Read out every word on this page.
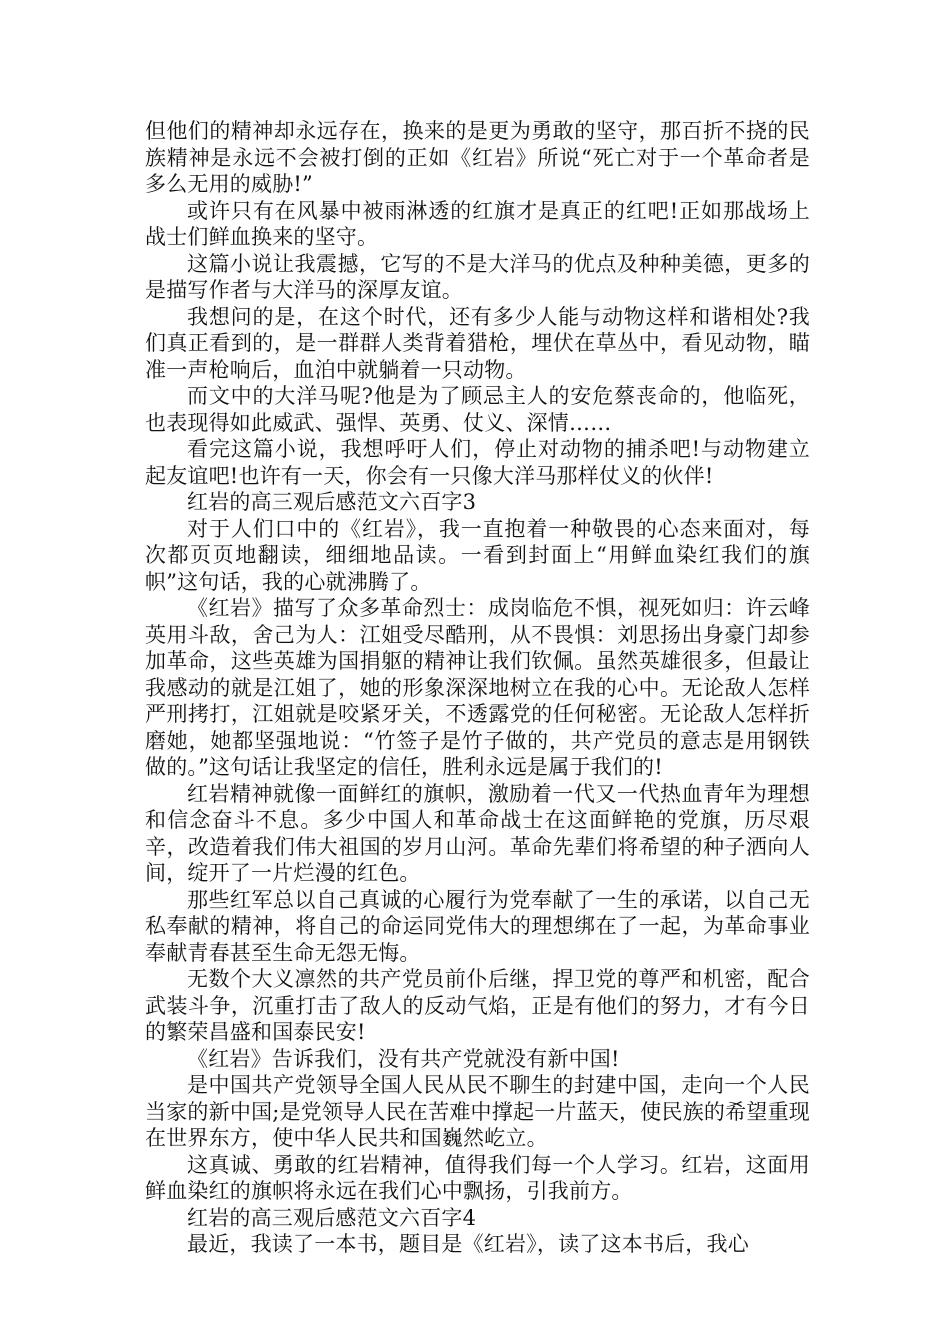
但他们的精神却永远存在，换来的是更为勇敢的坚守，那百折不挠的民族精神是永远不会被打倒的正如《红岩》所说“死亡对于一个革命者是多么无用的威胁!”

或许只有在风暴中被雨淋透的红旗才是真正的红吧!正如那战场上战士们鲜血换来的坚守。

这篇小说让我震撼，它写的不是大洋马的优点及种种美德，更多的是描写作者与大洋马的深厚友谊。

我想问的是，在这个时代，还有多少人能与动物这样和谐相处?我们真正看到的，是一群群人类背着猎枪，埋伏在草丛中，看见动物，瞄准一声枪响后，血泊中就躺着一只动物。

而文中的大洋马呢?他是为了顾忌主人的安危蔡丧命的，他临死，也表现得如此威武、强悍、英勇、仗义、深情……

看完这篇小说，我想呼吁人们，停止对动物的捕杀吧!与动物建立起友谊吧!也许有一天，你会有一只像大洋马那样仗义的伙伴!

红岩的高三观后感范文六百字3

对于人们口中的《红岩》，我一直抱着一种敬畏的心态来面对，每次都页页地翻读，细细地品读。一看到封面上“用鲜血染红我们的旗帜”这句话，我的心就沸腾了。

《红岩》描写了众多革命烈士：成岗临危不惧，视死如归：许云峰英用斗敌，舍己为人：江姐受尽酷刑，从不畏惧：刘思扬出身豪门却参加革命，这些英雄为国捐躯的精神让我们钦佩。虽然英雄很多，但最让我感动的就是江姐了，她的形象深深地树立在我的心中。无论敌人怎样严刑拷打，江姐就是咬紧牙关，不透露党的任何秘密。无论敌人怎样折磨她，她都坚强地说：“竹签子是竹子做的，共产党员的意志是用钢铁做的。”这句话让我坚定的信任，胜利永远是属于我们的!

红岩精神就像一面鲜红的旗帜，激励着一代又一代热血青年为理想和信念奋斗不息。多少中国人和革命战士在这面鲜艳的党旗，历尽艰辛，改造着我们伟大祖国的岁月山河。革命先辈们将希望的种子洒向人间，绽开了一片烂漫的红色。

那些红军总以自己真诚的心履行为党奉献了一生的承诺，以自己无私奉献的精神，将自己的命运同党伟大的理想绑在了一起，为革命事业奉献青春甚至生命无怨无悔。

无数个大义凛然的共产党员前仆后继，捍卫党的尊严和机密，配合武装斗争，沉重打击了敌人的反动气焰，正是有他们的努力，才有今日的繁荣昌盛和国泰民安!

《红岩》告诉我们，没有共产党就没有新中国!

是中国共产党领导全国人民从民不聊生的封建中国，走向一个人民当家的新中国;是党领导人民在苦难中撑起一片蓝天，使民族的希望重现在世界东方，使中华人民共和国巍然屹立。

这真诚、勇敢的红岩精神，值得我们每一个人学习。红岩，这面用鲜血染红的旗帜将永远在我们心中飘扬，引我前方。

红岩的高三观后感范文六百字4

最近，我读了一本书，题目是《红岩》，读了这本书后，我心
